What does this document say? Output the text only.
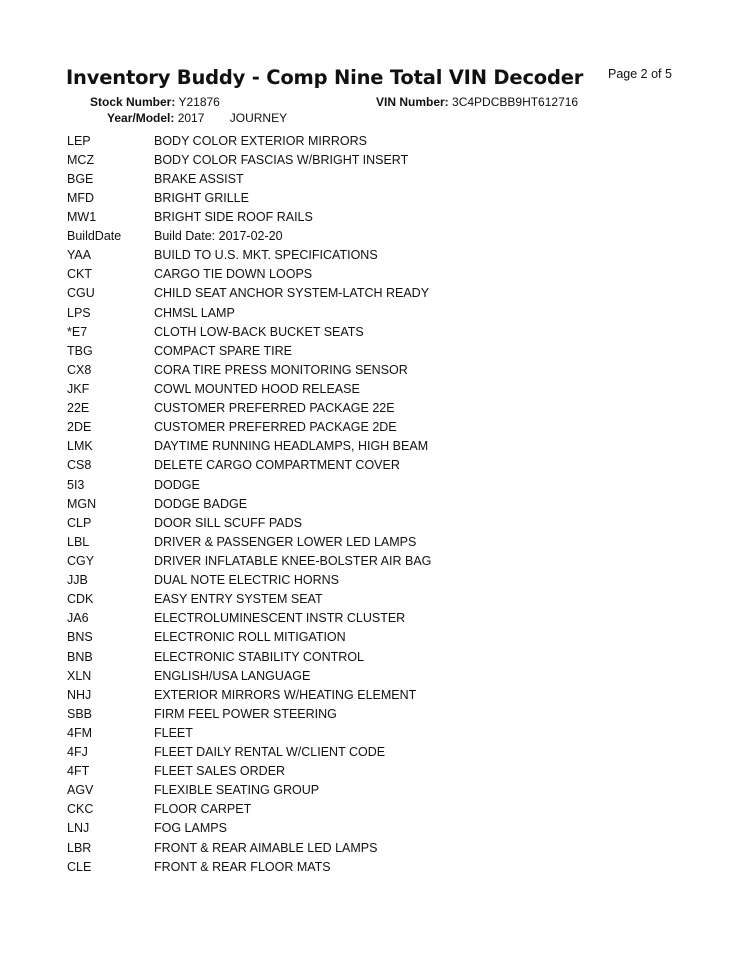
Inventory Buddy - Comp Nine Total VIN Decoder Page 2 of 5
Stock Number: Y21876	VIN Number: 3C4PDCBB9HT612716
Year/Model: 2017 JOURNEY
LEP	BODY COLOR EXTERIOR MIRRORS
MCZ	BODY COLOR FASCIAS W/BRIGHT INSERT
BGE	BRAKE ASSIST
MFD	BRIGHT GRILLE
MW1	BRIGHT SIDE ROOF RAILS
BuildDate	Build Date: 2017-02-20
YAA	BUILD TO U.S. MKT. SPECIFICATIONS
CKT	CARGO TIE DOWN LOOPS
CGU	CHILD SEAT ANCHOR SYSTEM-LATCH READY
LPS	CHMSL LAMP
*E7	CLOTH LOW-BACK BUCKET SEATS
TBG	COMPACT SPARE TIRE
CX8	CORA TIRE PRESS MONITORING SENSOR
JKF	COWL MOUNTED HOOD RELEASE
22E	CUSTOMER PREFERRED PACKAGE 22E
2DE	CUSTOMER PREFERRED PACKAGE 2DE
LMK	DAYTIME RUNNING HEADLAMPS, HIGH BEAM
CS8	DELETE CARGO COMPARTMENT COVER
5I3	DODGE
MGN	DODGE BADGE
CLP	DOOR SILL SCUFF PADS
LBL	DRIVER & PASSENGER LOWER LED LAMPS
CGY	DRIVER INFLATABLE KNEE-BOLSTER AIR BAG
JJB	DUAL NOTE ELECTRIC HORNS
CDK	EASY ENTRY SYSTEM SEAT
JA6	ELECTROLUMINESCENT INSTR CLUSTER
BNS	ELECTRONIC ROLL MITIGATION
BNB	ELECTRONIC STABILITY CONTROL
XLN	ENGLISH/USA LANGUAGE
NHJ	EXTERIOR MIRRORS W/HEATING ELEMENT
SBB	FIRM FEEL POWER STEERING
4FM	FLEET
4FJ	FLEET DAILY RENTAL W/CLIENT CODE
4FT	FLEET SALES ORDER
AGV	FLEXIBLE SEATING GROUP
CKC	FLOOR CARPET
LNJ	FOG LAMPS
LBR	FRONT & REAR AIMABLE LED LAMPS
CLE	FRONT & REAR FLOOR MATS
